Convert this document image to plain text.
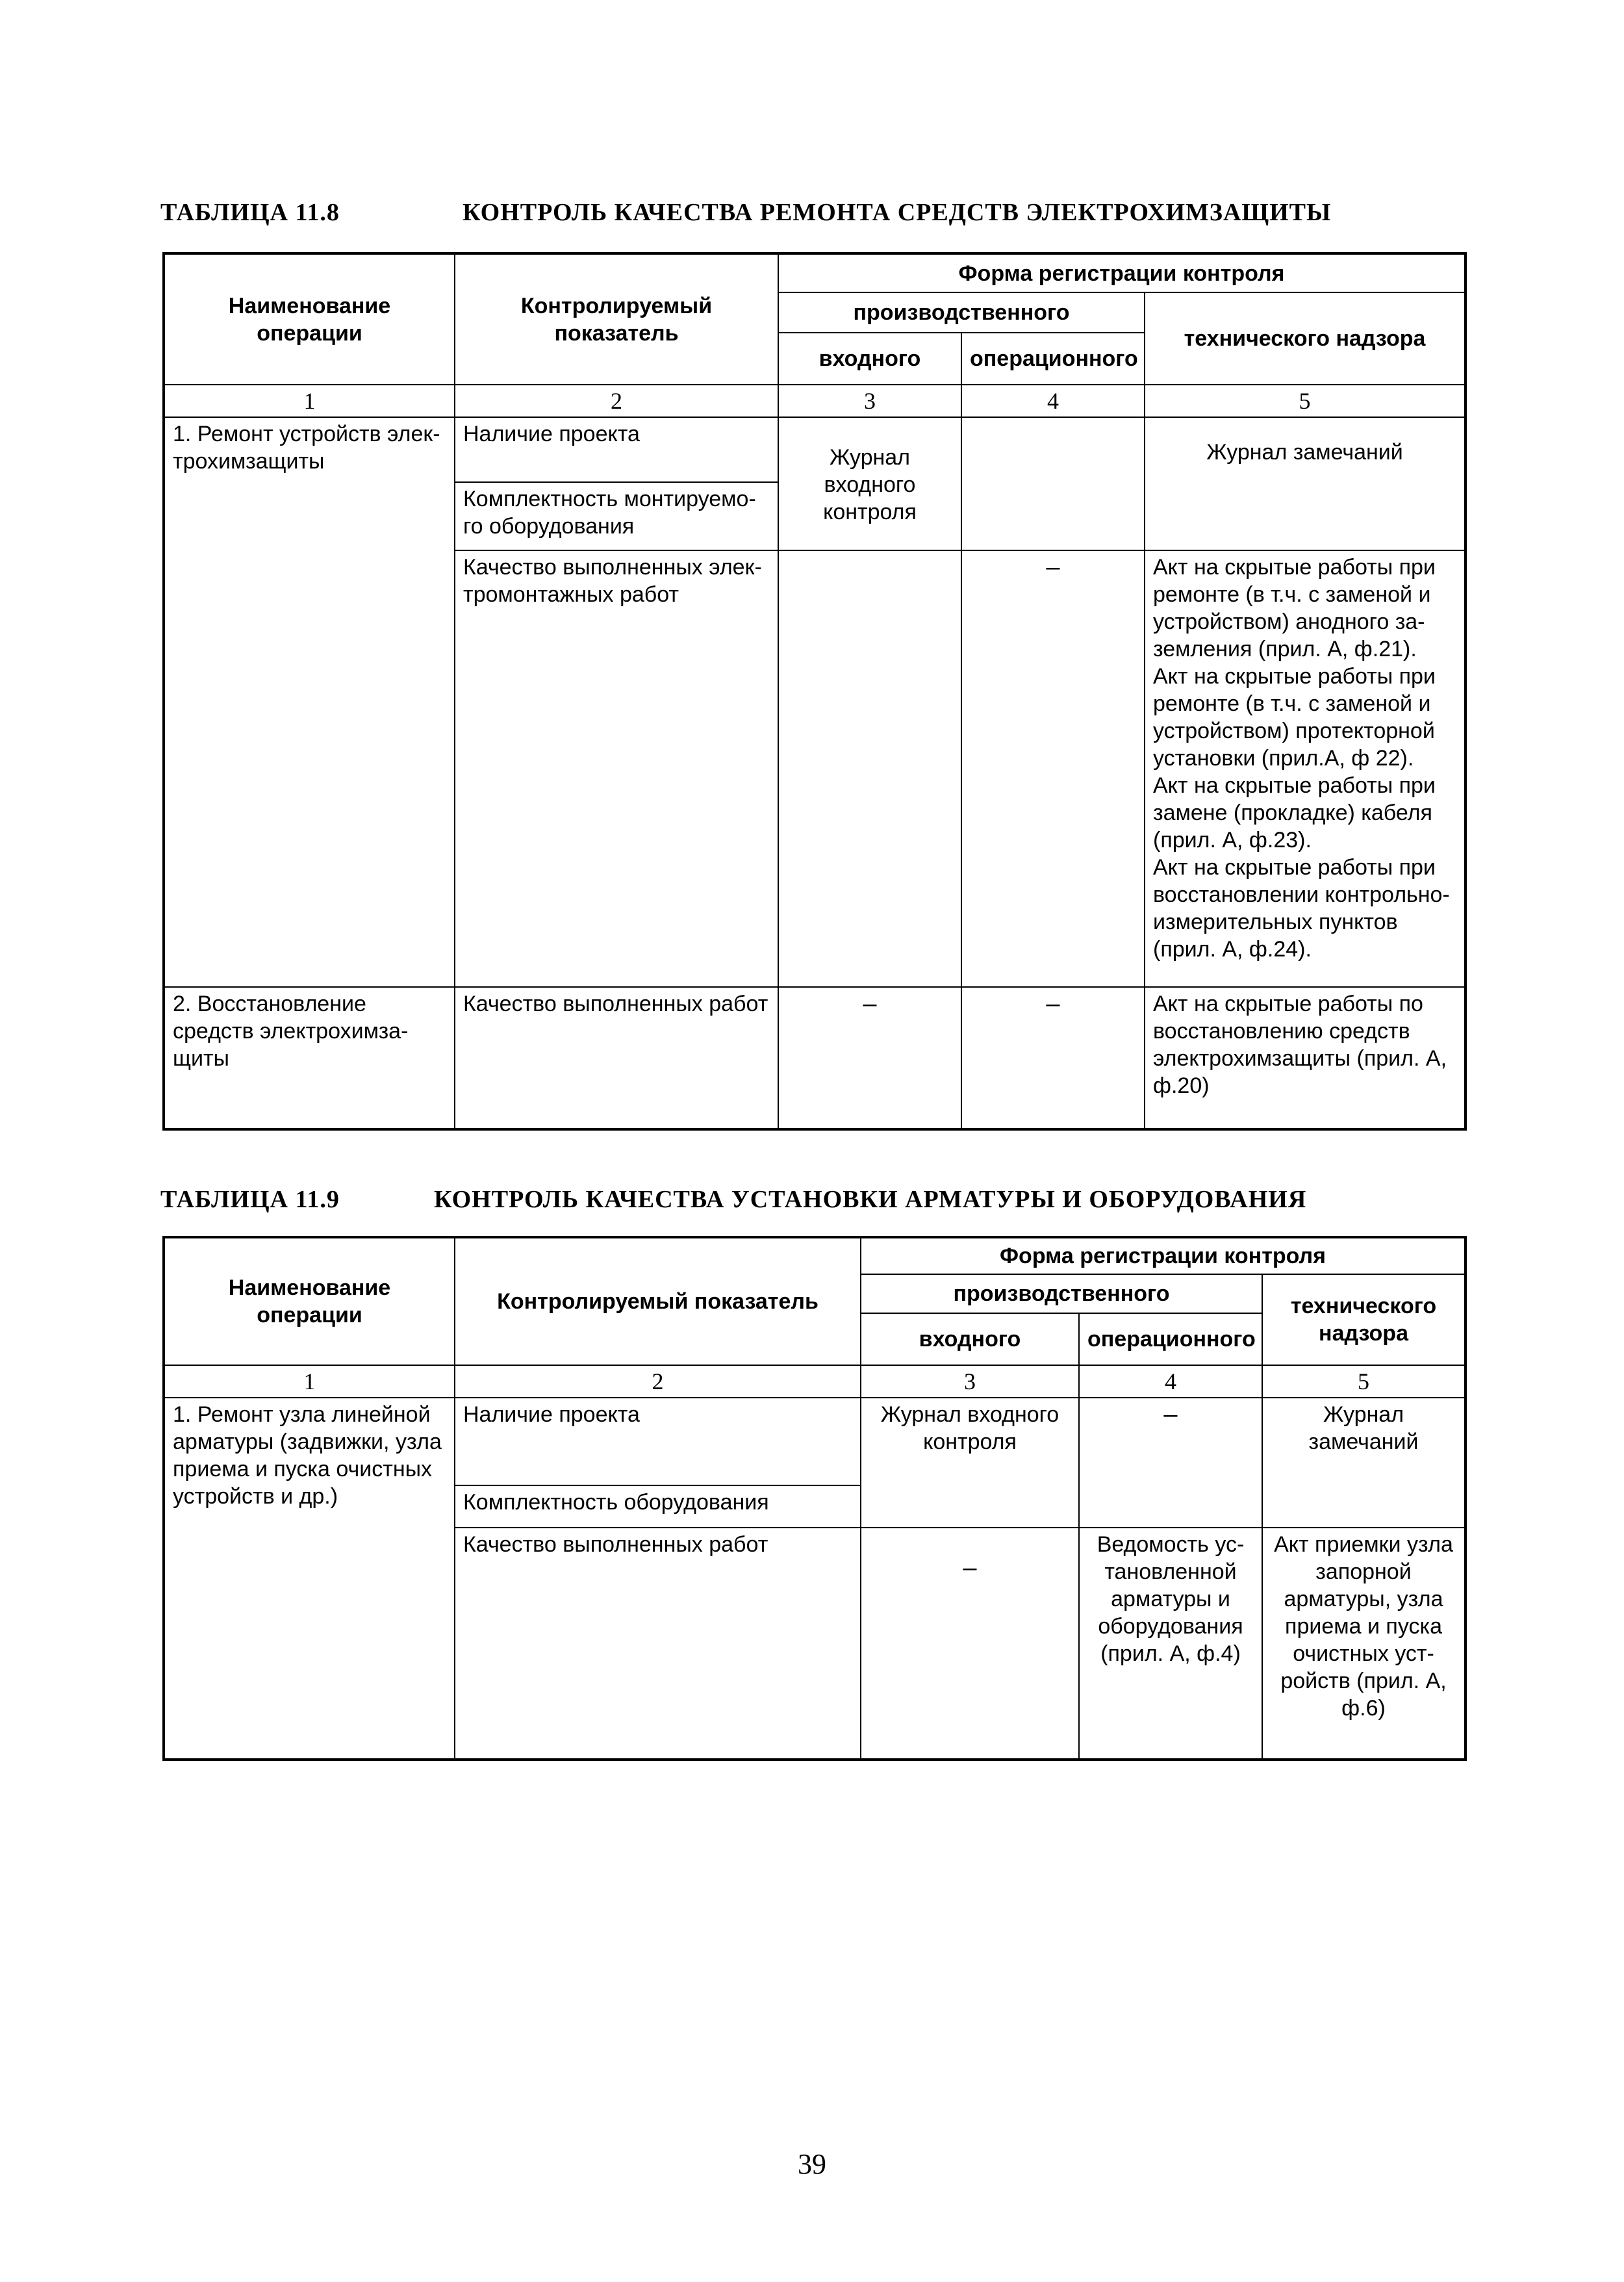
ТАБЛИЦА 11.8	КОНТРОЛЬ КАЧЕСТВА РЕМОНТА СРЕДСТВ ЭЛЕКТРОХИМЗАЩИТЫ
Наименование операции	Контролируемый показатель	Форма регистрации контроля		
		производственного		технического надзора
		входного	операционного	
1	2	3	4	5
1. Ремонт устройств элек-трохимзащиты	Наличие проекта	Журнал входного контроля		Журнал замечаний
	Комплектность монтируемо-го оборудования			
	Качество выполненных элек-тромонтажных работ		–	Акт на скрытые работы при ремонте (в т.ч. с заменой и устройством) анодного за-земления (прил. А, ф.21).
Акт на скрытые работы при ремонте (в т.ч. с заменой и устройством) протекторной установки (прил.А, ф 22).
Акт на скрытые работы при замене (прокладке) кабеля (прил. А, ф.23).
Акт на скрытые работы при восстановлении контрольно-измерительных пунктов (прил. А, ф.24).

2. Восстановление средств электрохимза-щиты	Качество выполненных работ	–	–	Акт на скрытые работы по восстановлению средств электрохимзащиты (прил. А, ф.20)
ТАБЛИЦА 11.9	КОНТРОЛЬ КАЧЕСТВА УСТАНОВКИ АРМАТУРЫ И ОБОРУДОВАНИЯ
Наименование операции	Контролируемый показатель	Форма регистрации контроля		
		производственного		технического надзора
		входного	операционного	
1	2	3	4	5
1. Ремонт узла линейной арматуры (задвижки, узла приема и пуска очистных устройств и др.)	Наличие проекта	Журнал входного контроля	–	Журнал замечаний
	Комплектность оборудования			
	Качество выполненных работ	–	Ведомость ус-тановленной арматуры и оборудования (прил. А, ф.4)	Акт приемки узла запорной арматуры, узла приема и пуска очистных уст-ройств (прил. А, ф.6)
39
